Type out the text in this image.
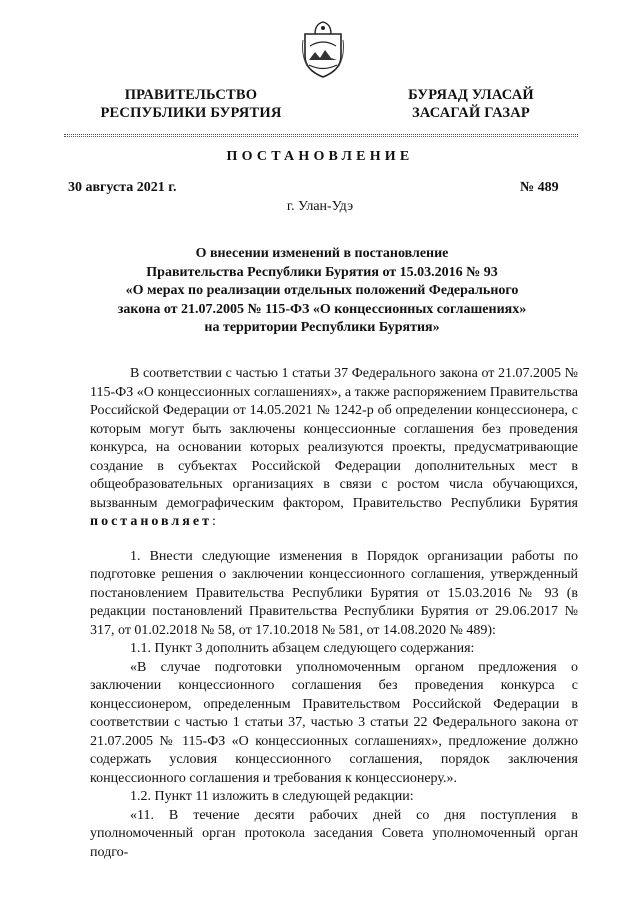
ПРАВИТЕЛЬСТВО
РЕСПУБЛИКИ БУРЯТИЯ
БУРЯАД УЛАСАЙ
ЗАСАГАЙ ГАЗАР
ПОСТАНОВЛЕНИЕ
30 августа 2021 г.	№ 489
г. Улан-Удэ
О внесении изменений в постановление
Правительства Республики Бурятия от 15.03.2016 № 93
«О мерах по реализации отдельных положений Федерального
закона от 21.07.2005 № 115-ФЗ «О концессионных соглашениях»
на территории Республики Бурятия»

В соответствии с частью 1 статьи 37 Федерального закона от 21.07.2005 № 115-ФЗ «О концессионных соглашениях», а также распоряжением Правительства Российской Федерации от 14.05.2021 № 1242-р об определении концессионера, с которым могут быть заключены концессионные соглашения без проведения конкурса, на основании которых реализуются проекты, предусматривающие создание в субъектах Российской Федерации дополнительных мест в общеобразовательных организациях в связи с ростом числа обучающихся, вызванным демографическим фактором, Правительство Республики Бурятия постановляет:

1. Внести следующие изменения в Порядок организации работы по подготовке решения о заключении концессионного соглашения, утвержденный постановлением Правительства Республики Бурятия от 15.03.2016 № 93 (в редакции постановлений Правительства Республики Бурятия от 29.06.2017 № 317, от 01.02.2018 № 58, от 17.10.2018 № 581, от 14.08.2020 № 489):

1.1. Пункт 3 дополнить абзацем следующего содержания:

«В случае подготовки уполномоченным органом предложения о заключении концессионного соглашения без проведения конкурса с концессионером, определенным Правительством Российской Федерации в соответствии с частью 1 статьи 37, частью 3 статьи 22 Федерального закона от 21.07.2005 № 115-ФЗ «О концессионных соглашениях», предложение должно содержать условия концессионного соглашения, порядок заключения концессионного соглашения и требования к концессионеру.».

1.2. Пункт 11 изложить в следующей редакции:

«11. В течение десяти рабочих дней со дня поступления в уполномоченный орган протокола заседания Совета уполномоченный орган подго-
